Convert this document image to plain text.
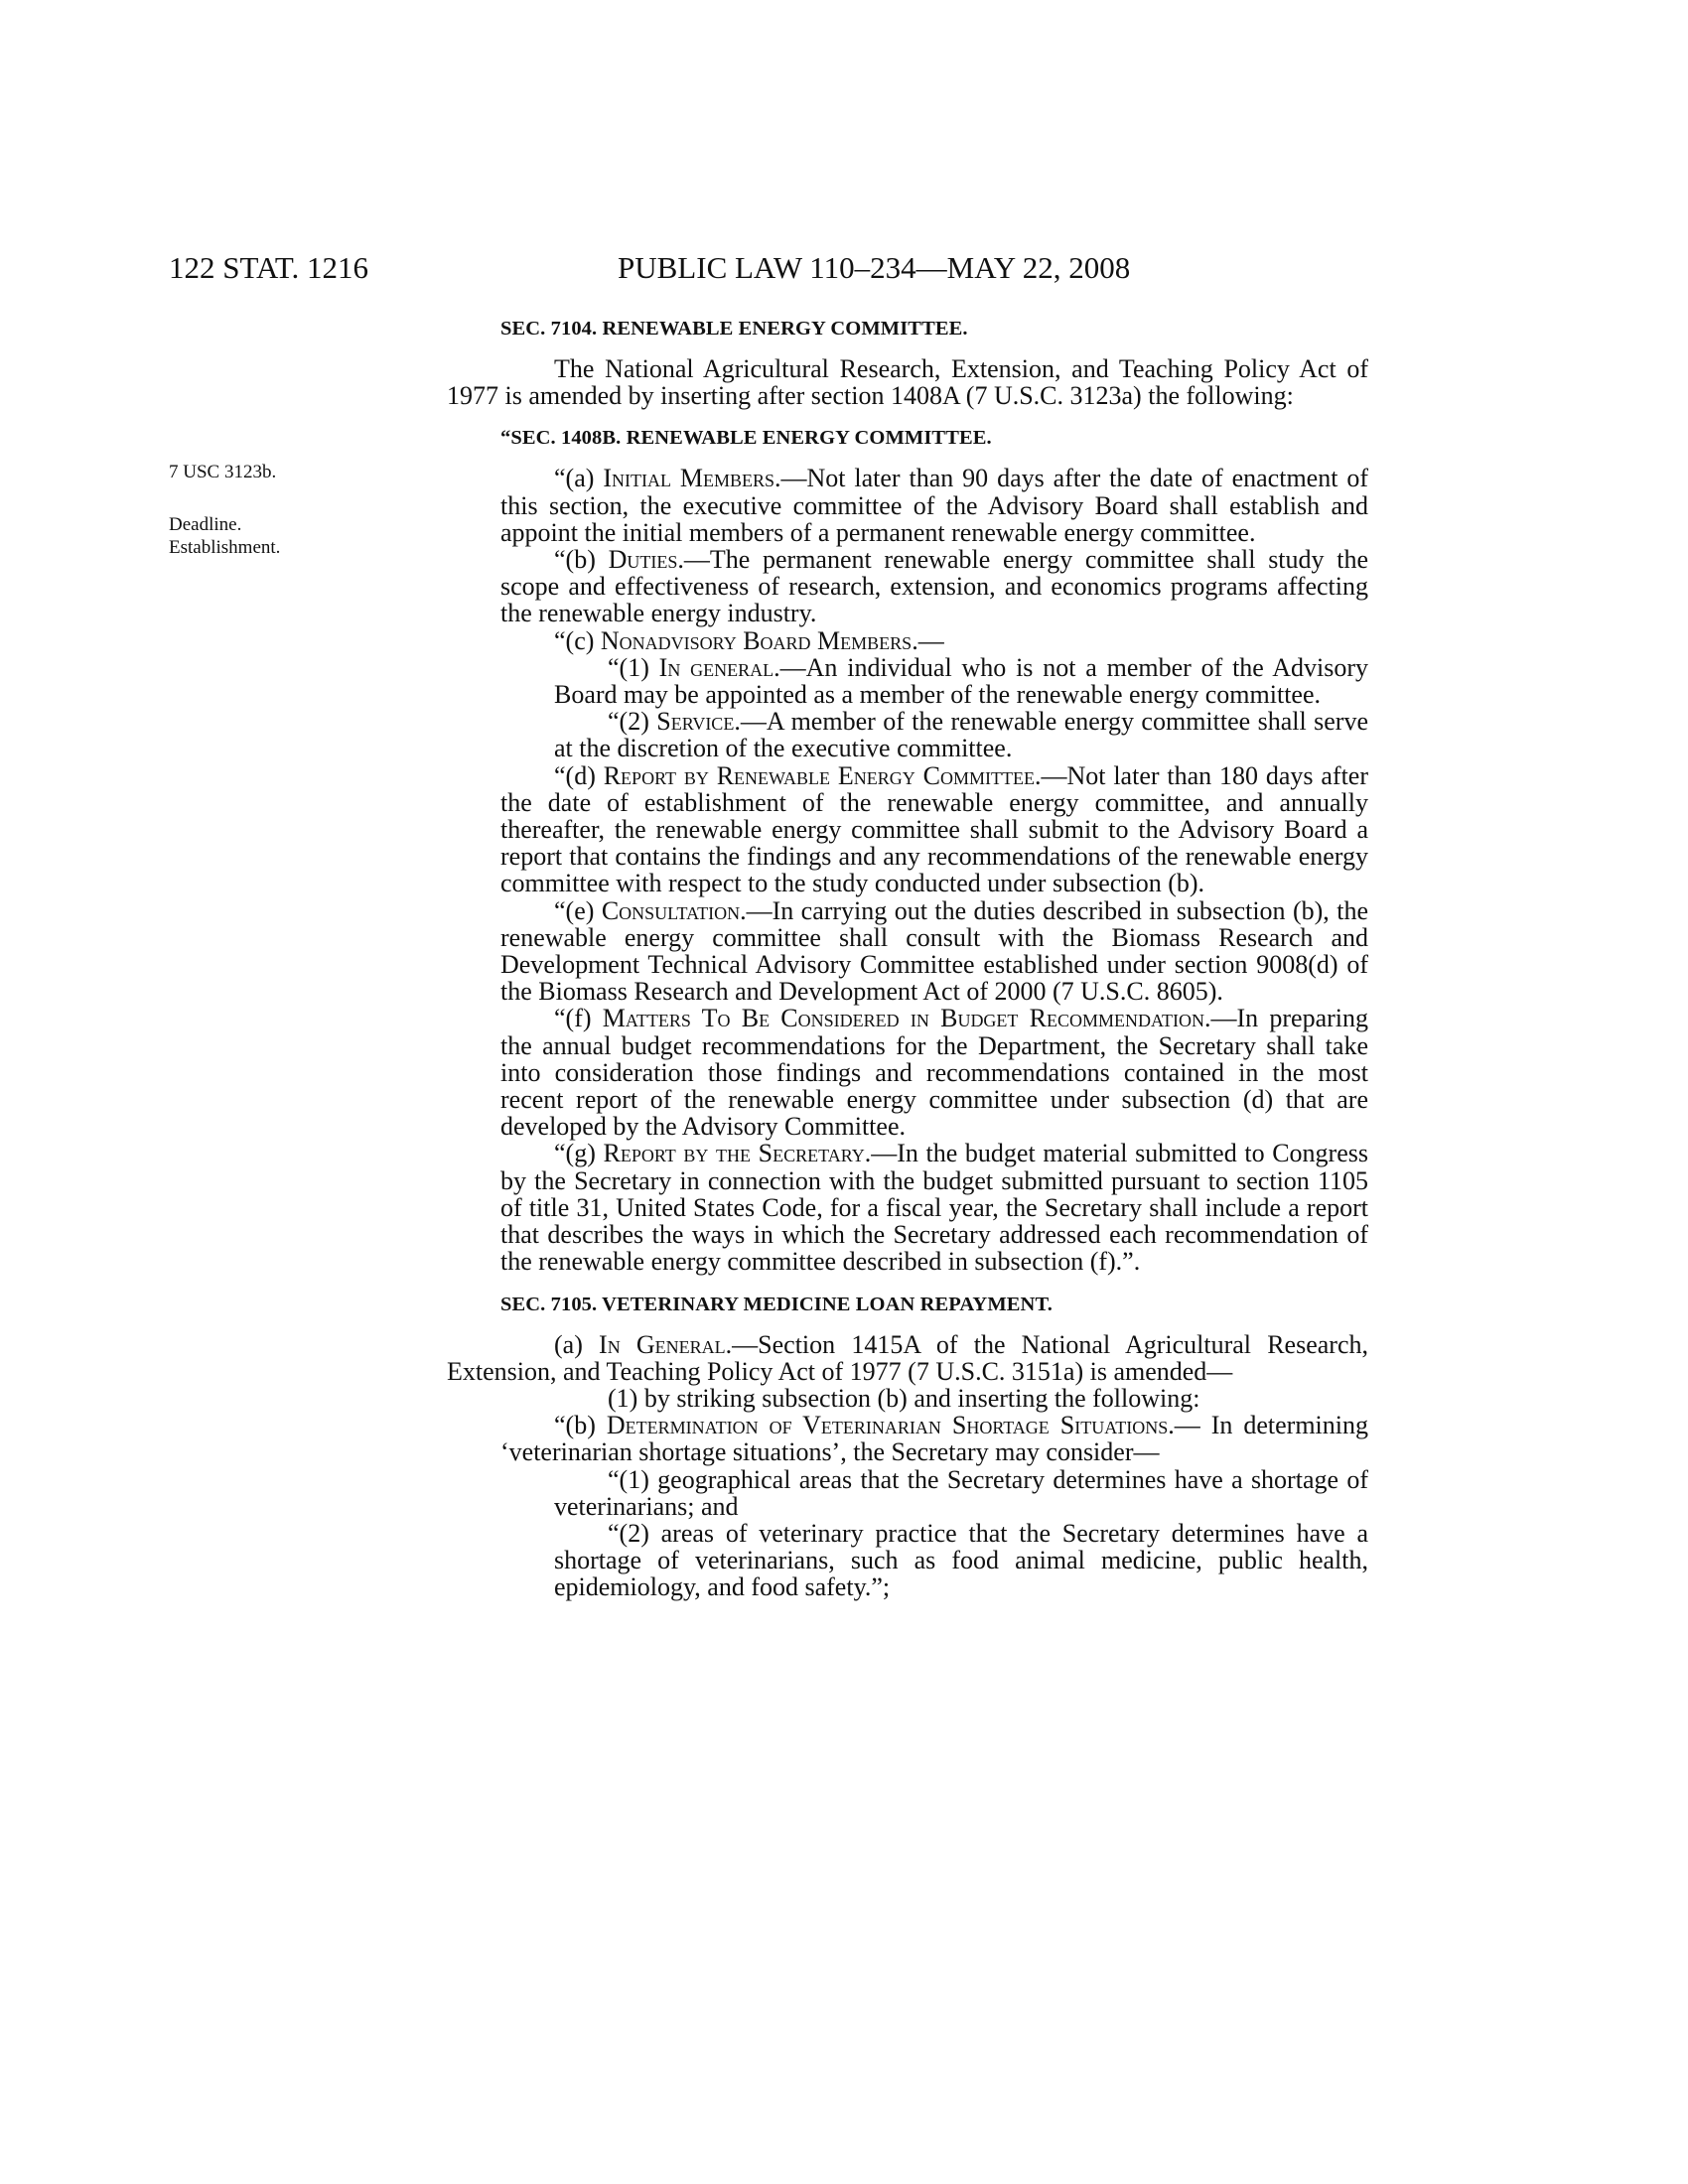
122 STAT. 1216	PUBLIC LAW 110–234—MAY 22, 2008
7 USC 3123b.
Deadline.
Establishment.

SEC. 7104. RENEWABLE ENERGY COMMITTEE.

The National Agricultural Research, Extension, and Teaching Policy Act of 1977 is amended by inserting after section 1408A (7 U.S.C. 3123a) the following:

“SEC. 1408B. RENEWABLE ENERGY COMMITTEE.

“(a) Initial Members.—Not later than 90 days after the date of enactment of this section, the executive committee of the Advisory Board shall establish and appoint the initial members of a permanent renewable energy committee.

“(b) Duties.—The permanent renewable energy committee shall study the scope and effectiveness of research, extension, and economics programs affecting the renewable energy industry.

“(c) Nonadvisory Board Members.—

“(1) In general.—An individual who is not a member of the Advisory Board may be appointed as a member of the renewable energy committee.

“(2) Service.—A member of the renewable energy committee shall serve at the discretion of the executive committee.

“(d) Report by Renewable Energy Committee.—Not later than 180 days after the date of establishment of the renewable energy committee, and annually thereafter, the renewable energy committee shall submit to the Advisory Board a report that contains the findings and any recommendations of the renewable energy committee with respect to the study conducted under subsection (b).

“(e) Consultation.—In carrying out the duties described in subsection (b), the renewable energy committee shall consult with the Biomass Research and Development Technical Advisory Committee established under section 9008(d) of the Biomass Research and Development Act of 2000 (7 U.S.C. 8605).

“(f) Matters To Be Considered in Budget Recommendation.—In preparing the annual budget recommendations for the Department, the Secretary shall take into consideration those findings and recommendations contained in the most recent report of the renewable energy committee under subsection (d) that are developed by the Advisory Committee.

“(g) Report by the Secretary.—In the budget material submitted to Congress by the Secretary in connection with the budget submitted pursuant to section 1105 of title 31, United States Code, for a fiscal year, the Secretary shall include a report that describes the ways in which the Secretary addressed each recommendation of the renewable energy committee described in subsection (f).”.

SEC. 7105. VETERINARY MEDICINE LOAN REPAYMENT.

(a) In General.—Section 1415A of the National Agricultural Research, Extension, and Teaching Policy Act of 1977 (7 U.S.C. 3151a) is amended—

(1) by striking subsection (b) and inserting the following:

“(b) Determination of Veterinarian Shortage Situations.— In determining ‘veterinarian shortage situations’, the Secretary may consider—

“(1) geographical areas that the Secretary determines have a shortage of veterinarians; and

“(2) areas of veterinary practice that the Secretary determines have a shortage of veterinarians, such as food animal medicine, public health, epidemiology, and food safety.”;
